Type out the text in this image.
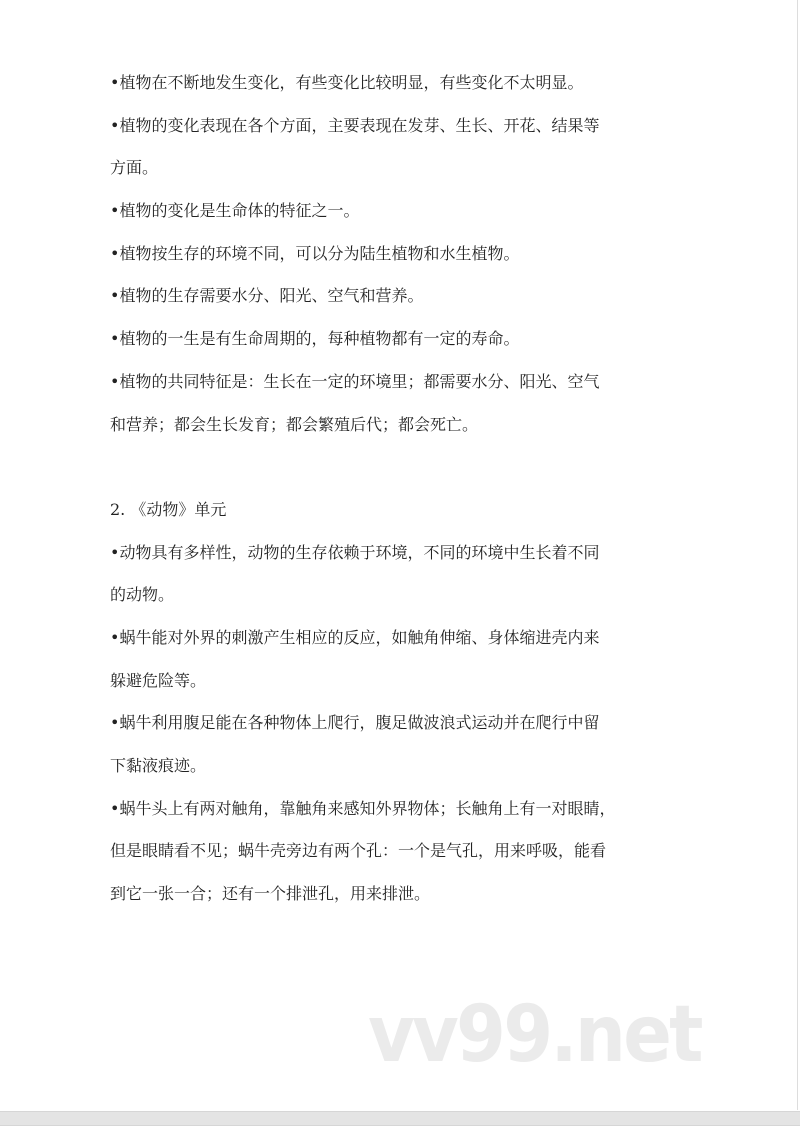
•植物在不断地发生变化，有些变化比较明显，有些变化不太明显。
•植物的变化表现在各个方面，主要表现在发芽、生长、开花、结果等
方面。
•植物的变化是生命体的特征之一。
•植物按生存的环境不同，可以分为陆生植物和水生植物。
•植物的生存需要水分、阳光、空气和营养。
•植物的一生是有生命周期的，每种植物都有一定的寿命。
•植物的共同特征是：生长在一定的环境里；都需要水分、阳光、空气
和营养；都会生长发育；都会繁殖后代；都会死亡。
2. 《动物》单元
•动物具有多样性，动物的生存依赖于环境，不同的环境中生长着不同
的动物。
•蜗牛能对外界的刺激产生相应的反应，如触角伸缩、身体缩进壳内来
躲避危险等。
•蜗牛利用腹足能在各种物体上爬行，腹足做波浪式运动并在爬行中留
下黏液痕迹。
•蜗牛头上有两对触角，靠触角来感知外界物体；长触角上有一对眼睛，
但是眼睛看不见；蜗牛壳旁边有两个孔：一个是气孔，用来呼吸，能看
到它一张一合；还有一个排泄孔，用来排泄。
vv99.net
